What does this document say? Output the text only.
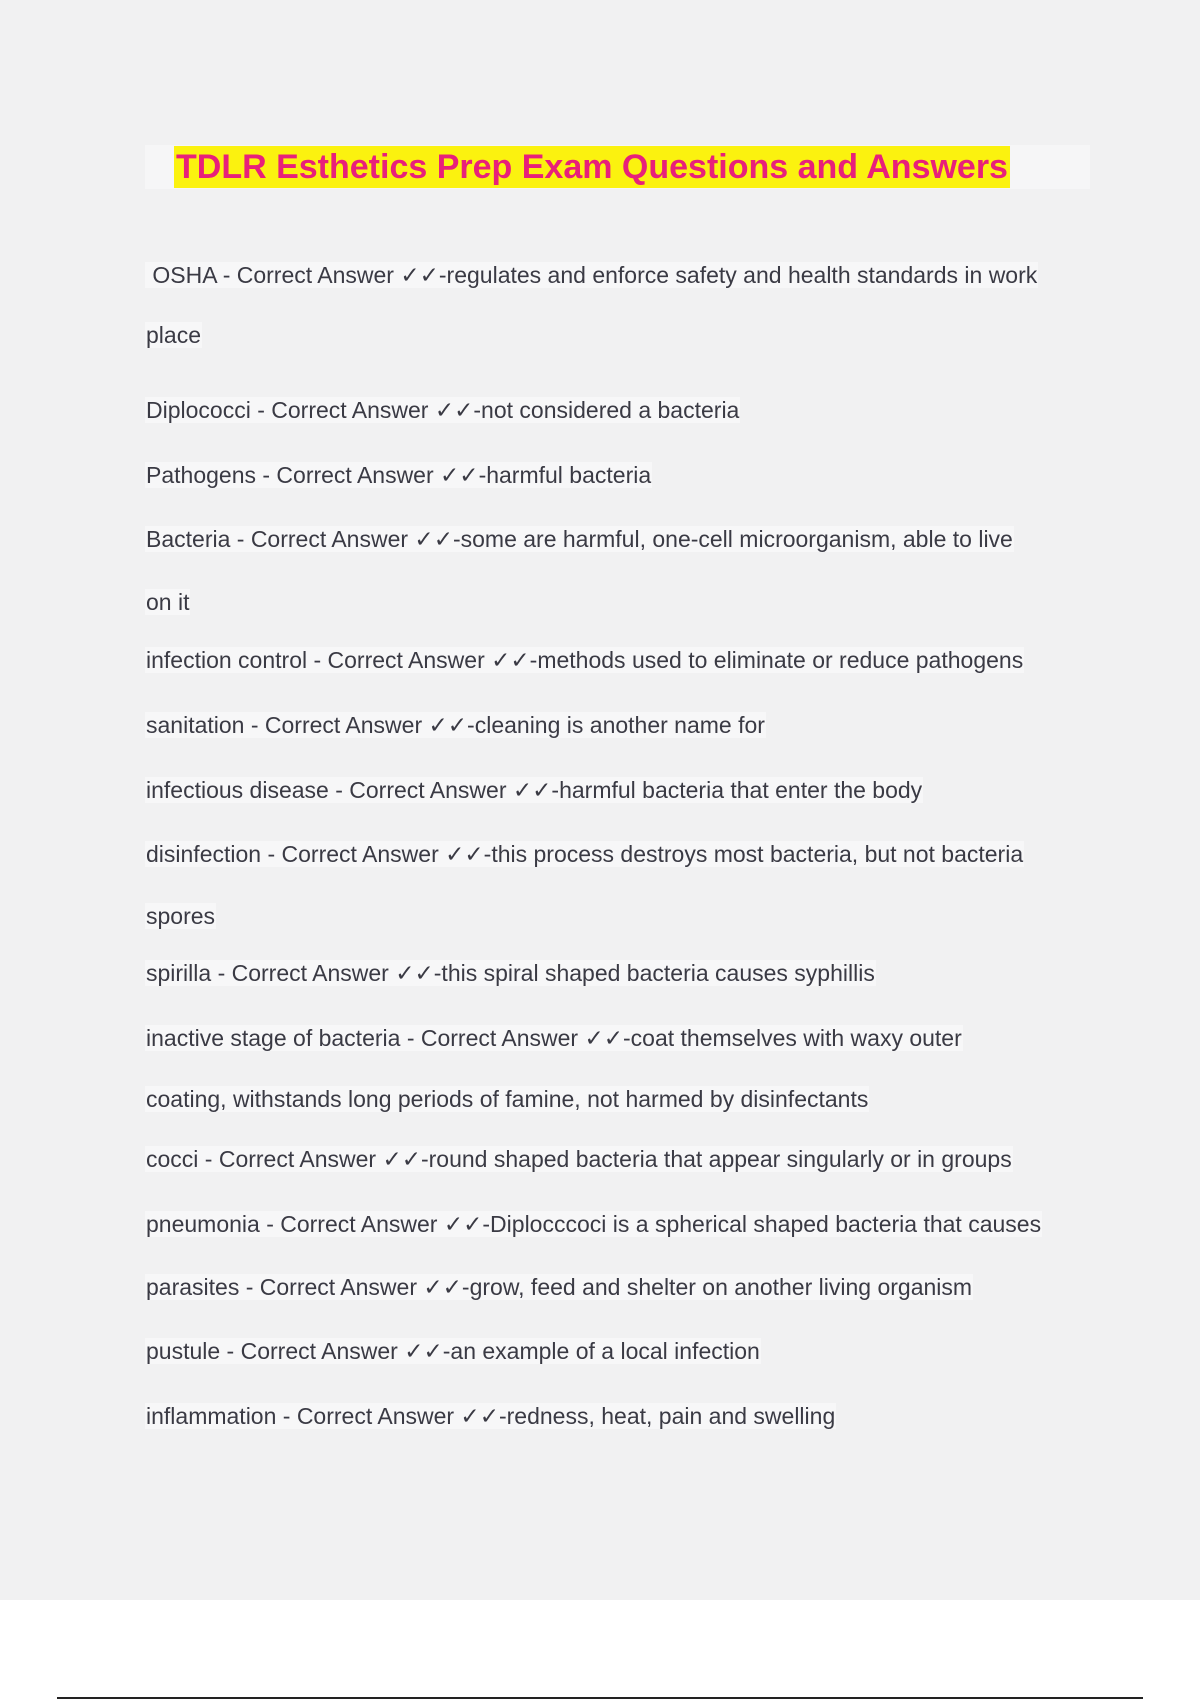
TDLR Esthetics Prep Exam Questions and Answers
OSHA - Correct Answer ✓✓-regulates and enforce safety and health standards in work
place
Diplococci - Correct Answer ✓✓-not considered a bacteria
Pathogens - Correct Answer ✓✓-harmful bacteria
Bacteria - Correct Answer ✓✓-some are harmful, one-cell microorganism, able to live
on it
infection control - Correct Answer ✓✓-methods used to eliminate or reduce pathogens
sanitation - Correct Answer ✓✓-cleaning is another name for
infectious disease - Correct Answer ✓✓-harmful bacteria that enter the body
disinfection - Correct Answer ✓✓-this process destroys most bacteria, but not bacteria
spores
spirilla - Correct Answer ✓✓-this spiral shaped bacteria causes syphillis
inactive stage of bacteria - Correct Answer ✓✓-coat themselves with waxy outer
coating, withstands long periods of famine, not harmed by disinfectants
cocci - Correct Answer ✓✓-round shaped bacteria that appear singularly or in groups
pneumonia - Correct Answer ✓✓-Diplocccoci is a spherical shaped bacteria that causes
parasites - Correct Answer ✓✓-grow, feed and shelter on another living organism
pustule - Correct Answer ✓✓-an example of a local infection
inflammation - Correct Answer ✓✓-redness, heat, pain and swelling
